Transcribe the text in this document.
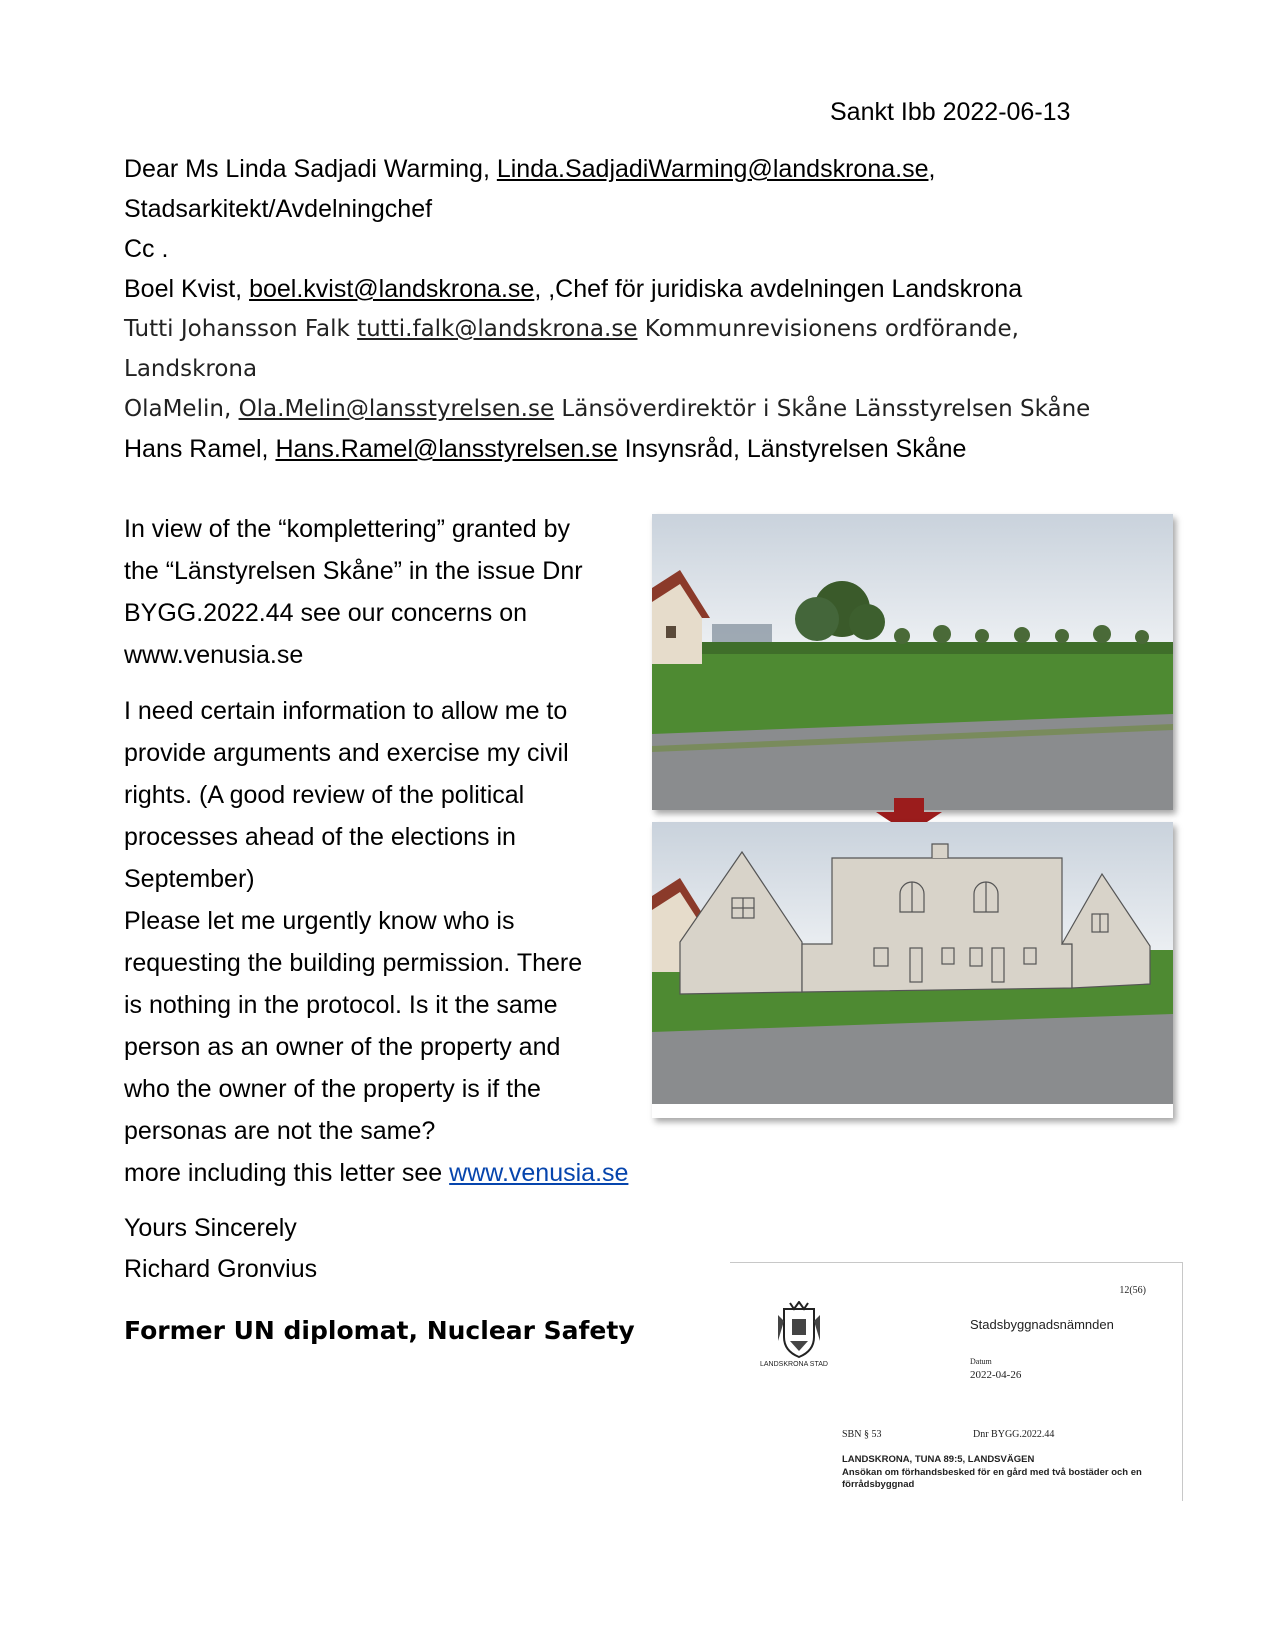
Sankt Ibb 2022-06-13
Dear Ms Linda Sadjadi Warming, Linda.SadjadiWarming@landskrona.se,
Stadsarkitekt/Avdelningchef
Cc .
Boel Kvist, boel.kvist@landskrona.se, ,Chef för juridiska avdelningen Landskrona
Tutti Johansson Falk tutti.falk@landskrona.se Kommunrevisionens ordförande,
Landskrona
OlaMelin, Ola.Melin@lansstyrelsen.se Länsöverdirektör i Skåne Länsstyrelsen Skåne
Hans Ramel, Hans.Ramel@lansstyrelsen.se Insynsråd, Länstyrelsen Skåne
In view of the “komplettering” granted by
the “Länstyrelsen Skåne” in the issue Dnr
BYGG.2022.44 see our concerns on
www.venusia.se
I need certain information to allow me to
provide arguments and exercise my civil
rights. (A good review of the political
processes ahead of the elections in
September)
Please let me urgently know who is
requesting the building permission. There
is nothing in the protocol. Is it the same
person as an owner of the property and
who the owner of the property is if the
personas are not the same?
more including this letter see www.venusia.se
Yours Sincerely
Richard Gronvius
Former UN diplomat, Nuclear Safety
12(56)
LANDSKRONA STAD
Stadsbyggnadsnämnden
Datum
2022-04-26
SBN § 53	Dnr BYGG.2022.44
LANDSKRONA, TUNA 89:5, LANDSVÄGEN
Ansökan om förhandsbesked för en gård med två bostäder och en förrådsbyggnad
